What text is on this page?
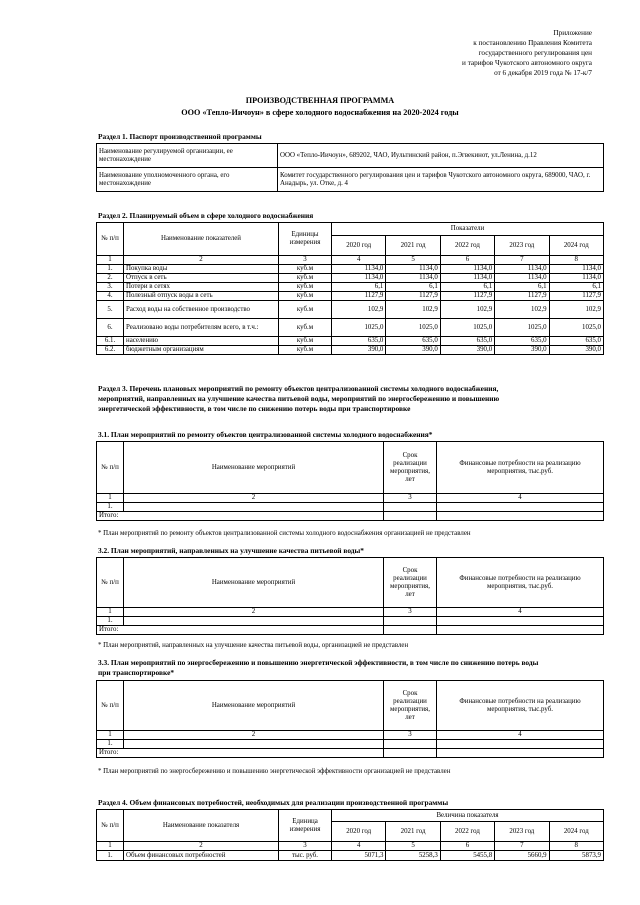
Приложение
к постановлению Правления Комитета
государственного регулирования цен
и тарифов Чукотского автономного округа
от 6 декабря 2019 года № 17-к/7
ПРОИЗВОДСТВЕННАЯ ПРОГРАММА
ООО «Тепло-Иичоун» в сфере холодного водоснабжения на 2020-2024 годы
Раздел 1. Паспорт производственной программы
Наименование регулируемой организации, ее местонахождение	ООО «Тепло-Иичоун», 689202, ЧАО, Иультинский район, п.Эгвекинот, ул.Ленина, д.12
Наименование уполномоченного органа, его местонахождение	Комитет государственного регулирования цен и тарифов Чукотского автономного округа, 689000, ЧАО, г. Анадырь, ул. Отке, д. 4
Раздел 2. Планируемый объем в сфере холодного водоснабжения
№ п/п	Наименование показателей	Единицы измерения	Показатели				
			2020 год	2021 год	2022 год	2023 год	2024 год
1	2	3	4	5	6	7	8
1.	Покупка воды	куб.м	1134,0	1134,0	1134,0	1134,0	1134,0
2.	Отпуск в сеть	куб.м	1134,0	1134,0	1134,0	1134,0	1134,0
3.	Потери в сетях	куб.м	6,1	6,1	6,1	6,1	6,1
4.	Полезный отпуск воды в сеть	куб.м	1127,9	1127,9	1127,9	1127,9	1127,9
5.	Расход воды на собственное производство	куб.м	102,9	102,9	102,9	102,9	102,9
6.	Реализовано воды потребителям всего, в т.ч.:	куб.м	1025,0	1025,0	1025,0	1025,0	1025,0
6.1.	населению	куб.м	635,0	635,0	635,0	635,0	635,0
6.2.	бюджетным организациям	куб.м	390,0	390,0	390,0	390,0	390,0
Раздел 3. Перечень плановых мероприятий по ремонту объектов централизованной системы холодного водоснабжения,
мероприятий, направленных на улучшение качества питьевой воды, мероприятий по энергосбережению и повышению
энергетической эффективности, в том числе по снижению потерь воды при транспортировке
3.1. План мероприятий по ремонту объектов централизованной системы холодного водоснабжения*
№ п/п	Наименование мероприятий	Срок реализации мероприятия, лет	Финансовые потребности на реализацию мероприятия, тыс.руб.
1	2	3	4
1.			
Итого:			
* План мероприятий по ремонту объектов централизованной системы холодного водоснабжения организацией не представлен
3.2. План мероприятий, направленных на улучшение качества питьевой воды*
№ п/п	Наименование мероприятий	Срок реализации мероприятия, лет	Финансовые потребности на реализацию мероприятия, тыс.руб.
1	2	3	4
1.			
Итого:			
* План мероприятий, направленных на улучшение качества питьевой воды, организацией не представлен
3.3. План мероприятий по энергосбережению и повышению энергетической эффективности, в том числе по снижению потерь воды
при транспортировке*
№ п/п	Наименование мероприятий	Срок реализации мероприятия, лет	Финансовые потребности на реализацию мероприятия, тыс.руб.
1	2	3	4
1.			
Итого:			
* План мероприятий по энергосбережению и повышению энергетической эффективности организацией не представлен
Раздел 4. Объем финансовых потребностей, необходимых для реализации производственной программы
№ п/п	Наименование показателя	Единица измерения	Величина показателя				
			2020 год	2021 год	2022 год	2023 год	2024 год
1	2	3	4	5	6	7	8
1.	Объем финансовых потребностей	тыс. руб.	5071,3	5258,3	5455,8	5660,9	5873,9
